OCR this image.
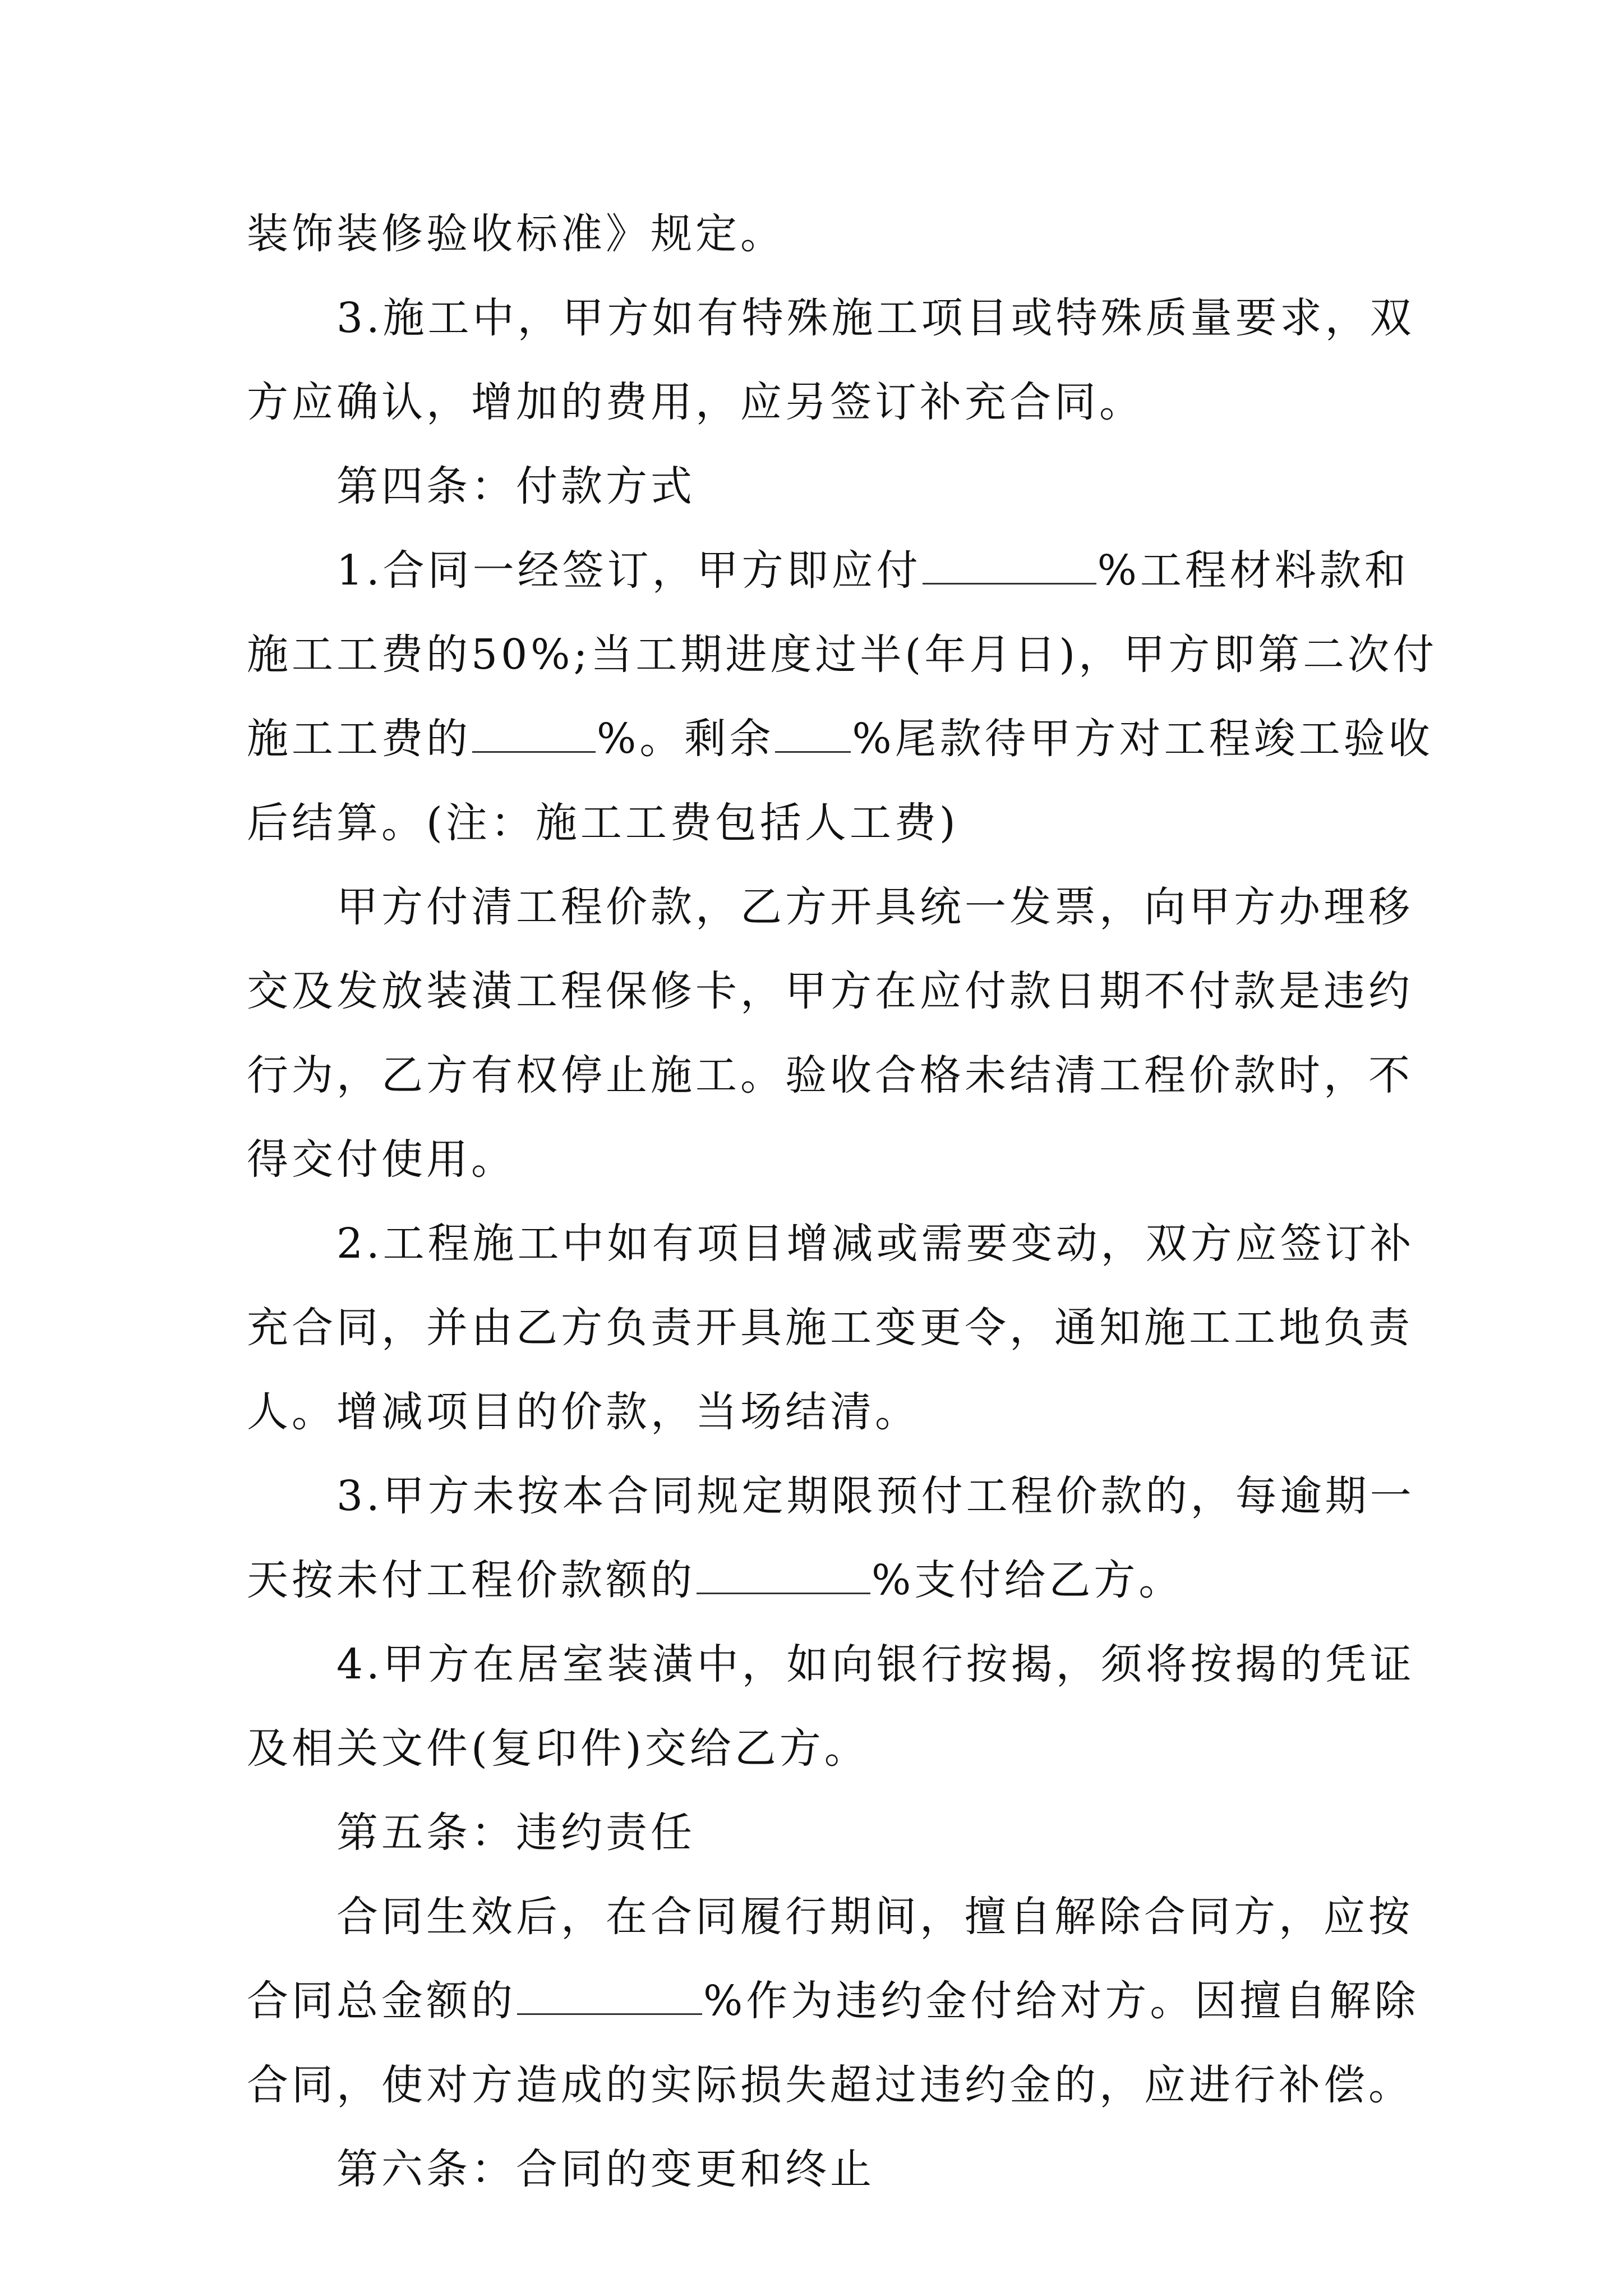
装饰装修验收标准》规定。
3.施工中，甲方如有特殊施工项目或特殊质量要求，双
方应确认，增加的费用，应另签订补充合同。
第四条：付款方式
1.合同一经签订，甲方即应付	%工程材料款和
施工工费的50%;当工期进度过半(年月日)，甲方即第二次付
施工工费的	%。剩余 %尾款待甲方对工程竣工验收
后结算。(注：施工工费包括人工费)
甲方付清工程价款，乙方开具统一发票，向甲方办理移
交及发放装潢工程保修卡，甲方在应付款日期不付款是违约
行为，乙方有权停止施工。验收合格未结清工程价款时，不
得交付使用。
2.工程施工中如有项目增减或需要变动，双方应签订补
充合同，并由乙方负责开具施工变更令，通知施工工地负责
人。增减项目的价款，当场结清。
3.甲方未按本合同规定期限预付工程价款的，每逾期一
天按未付工程价款额的	%支付给乙方。
4.甲方在居室装潢中，如向银行按揭，须将按揭的凭证
及相关文件(复印件)交给乙方。
第五条：违约责任
合同生效后，在合同履行期间，擅自解除合同方，应按
合同总金额的	%作为违约金付给对方。因擅自解除
合同，使对方造成的实际损失超过违约金的，应进行补偿。
第六条：合同的变更和终止
